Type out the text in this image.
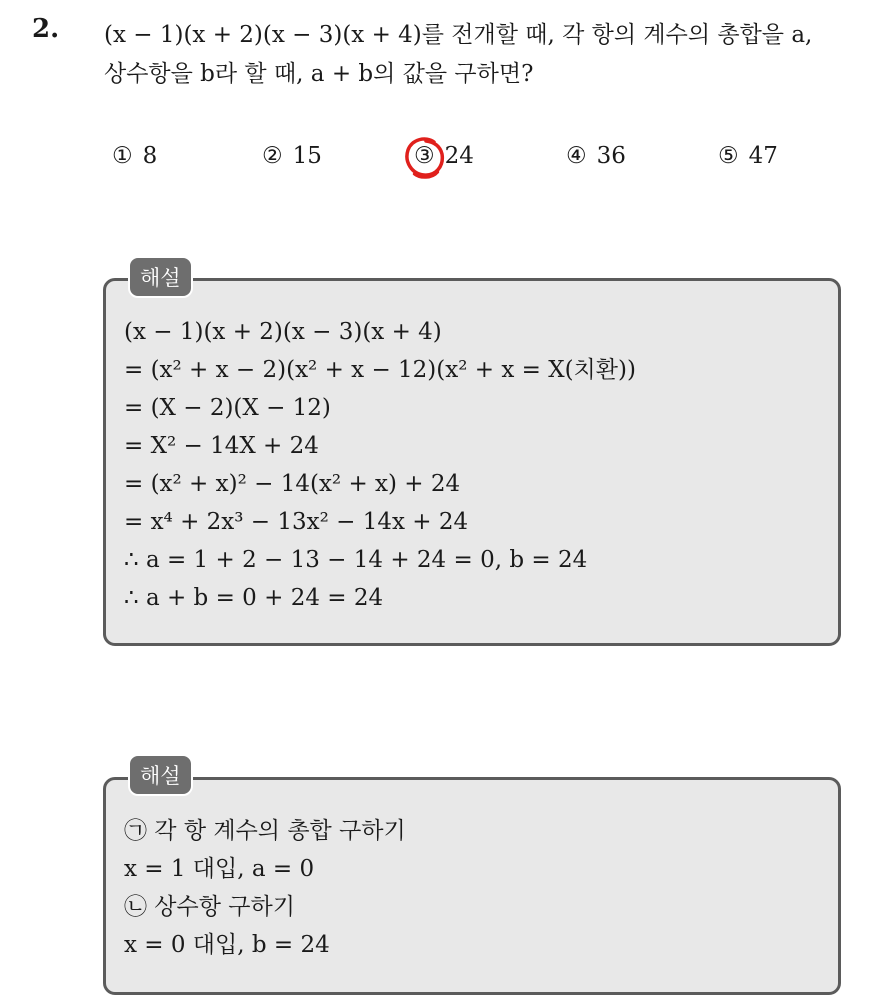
2. (x − 1)(x + 2)(x − 3)(x + 4)를 전개할 때, 각 항의 계수의 총합을 a,
상수항을 b라 할 때, a + b의 값을 구하면?
① 8	② 15	③ 24	④ 36	⑤ 47
해설
(x − 1)(x + 2)(x − 3)(x + 4)
= (x² + x − 2)(x² + x − 12)(x² + x = X(치환))
= (X − 2)(X − 12)
= X² − 14X + 24
= (x² + x)² − 14(x² + x) + 24
= x⁴ + 2x³ − 13x² − 14x + 24
∴ a = 1 + 2 − 13 − 14 + 24 = 0, b = 24
∴ a + b = 0 + 24 = 24
해설
㉠ 각 항 계수의 총합 구하기
x = 1 대입, a = 0
㉡ 상수항 구하기
x = 0 대입, b = 24
